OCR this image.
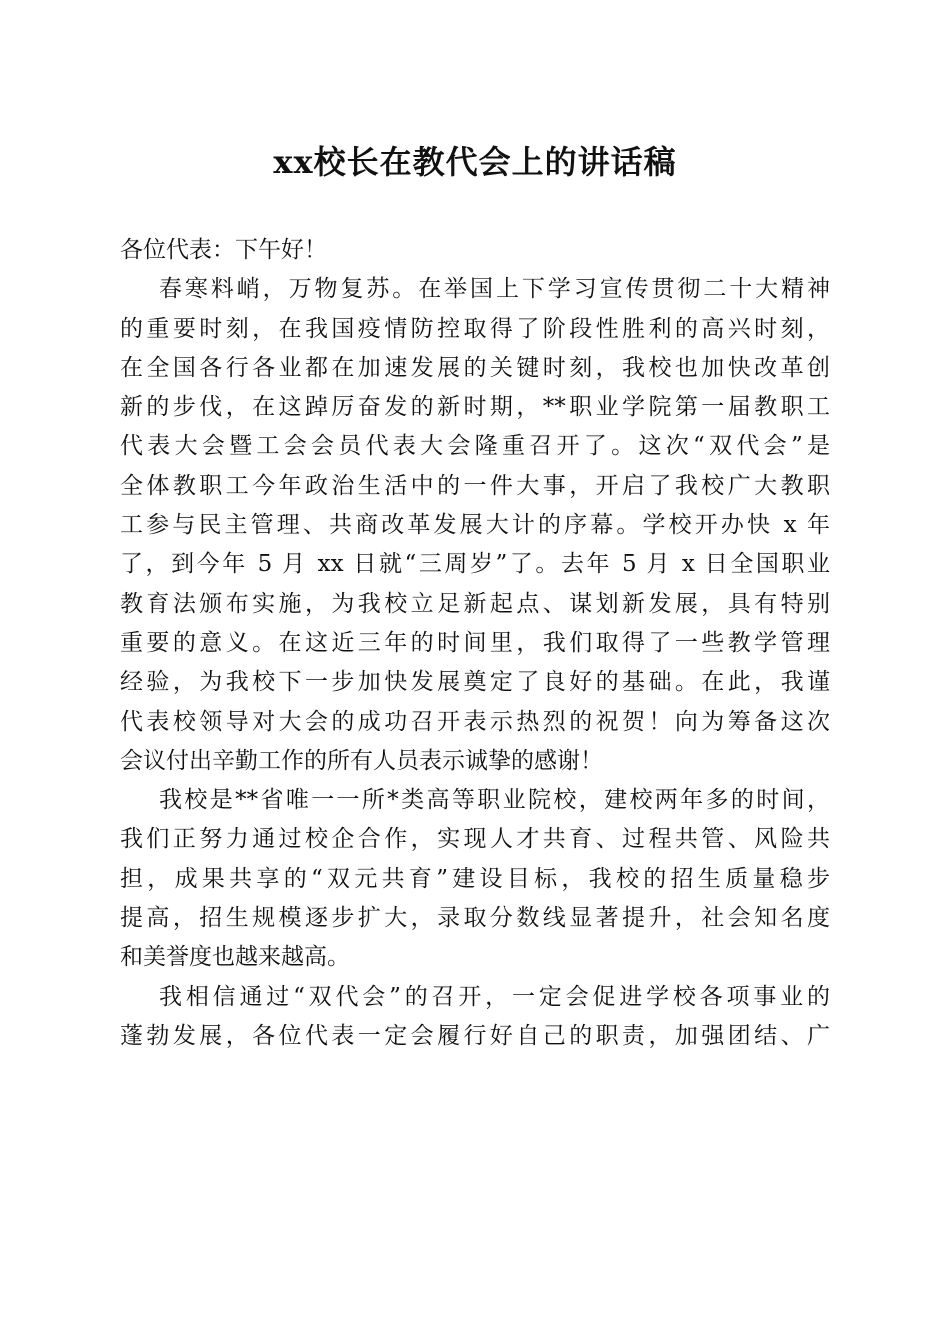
xx校长在教代会上的讲话稿
各位代表：下午好！
春寒料峭，万物复苏。在举国上下学习宣传贯彻二十大精神
的重要时刻，在我国疫情防控取得了阶段性胜利的高兴时刻，
在全国各行各业都在加速发展的关键时刻，我校也加快改革创
新的步伐，在这踔厉奋发的新时期，**职业学院第一届教职工
代表大会暨工会会员代表大会隆重召开了。这次“双代会”是
全体教职工今年政治生活中的一件大事，开启了我校广大教职
工参与民主管理、共商改革发展大计的序幕。学校开办快 x 年
了，到今年 5 月 xx 日就“三周岁”了。去年 5 月 x 日全国职业
教育法颁布实施，为我校立足新起点、谋划新发展，具有特别
重要的意义。在这近三年的时间里，我们取得了一些教学管理
经验，为我校下一步加快发展奠定了良好的基础。在此，我谨
代表校领导对大会的成功召开表示热烈的祝贺！向为筹备这次
会议付出辛勤工作的所有人员表示诚挚的感谢！
我校是**省唯一一所*类高等职业院校，建校两年多的时间，
我们正努力通过校企合作，实现人才共育、过程共管、风险共
担，成果共享的“双元共育”建设目标，我校的招生质量稳步
提高，招生规模逐步扩大，录取分数线显著提升，社会知名度
和美誉度也越来越高。
我相信通过“双代会”的召开，一定会促进学校各项事业的
蓬勃发展，各位代表一定会履行好自己的职责，加强团结、广
